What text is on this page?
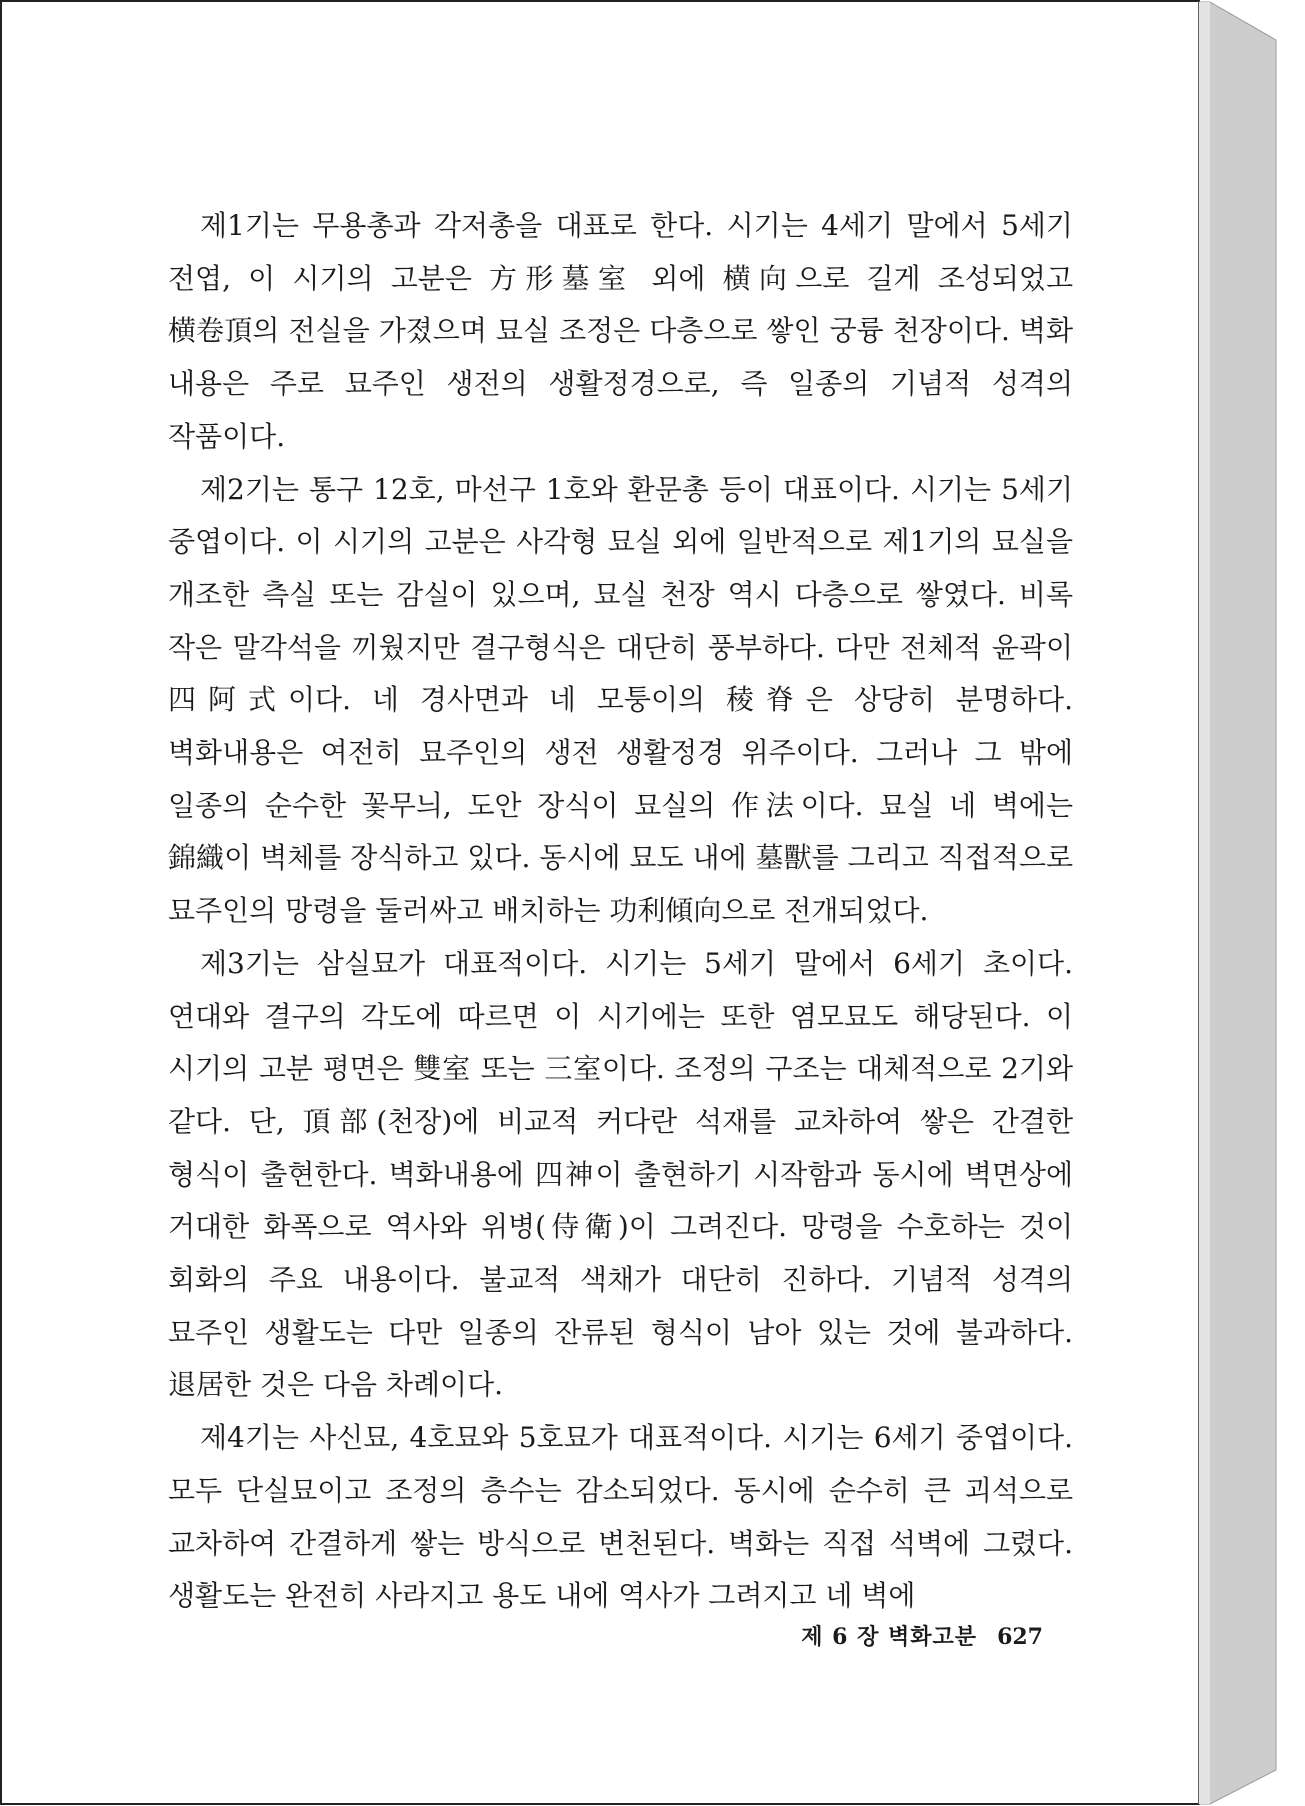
제1기는 무용총과 각저총을 대표로 한다. 시기는 4세기 말에서 5세기 전엽, 이 시기의 고분은 方形墓室 외에 横向으로 길게 조성되었고 横卷頂의 전실을 가졌으며 묘실 조정은 다층으로 쌓인 궁륭 천장이다. 벽화 내용은 주로 묘주인 생전의 생활정경으로, 즉 일종의 기념적 성격의 작품이다.

제2기는 통구 12호, 마선구 1호와 환문총 등이 대표이다. 시기는 5세기 중엽이다. 이 시기의 고분은 사각형 묘실 외에 일반적으로 제1기의 묘실을 개조한 측실 또는 감실이 있으며, 묘실 천장 역시 다층으로 쌓였다. 비록 작은 말각석을 끼웠지만 결구형식은 대단히 풍부하다. 다만 전체적 윤곽이 四阿式이다. 네 경사면과 네 모퉁이의 稜脊은 상당히 분명하다. 벽화내용은 여전히 묘주인의 생전 생활정경 위주이다. 그러나 그 밖에 일종의 순수한 꽃무늬, 도안 장식이 묘실의 作法이다. 묘실 네 벽에는 錦織이 벽체를 장식하고 있다. 동시에 묘도 내에 墓獸를 그리고 직접적으로 묘주인의 망령을 둘러싸고 배치하는 功利傾向으로 전개되었다.

제3기는 삼실묘가 대표적이다. 시기는 5세기 말에서 6세기 초이다. 연대와 결구의 각도에 따르면 이 시기에는 또한 염모묘도 해당된다. 이 시기의 고분 평면은 雙室 또는 三室이다. 조정의 구조는 대체적으로 2기와 같다. 단, 頂部(천장)에 비교적 커다란 석재를 교차하여 쌓은 간결한 형식이 출현한다. 벽화내용에 四神이 출현하기 시작함과 동시에 벽면상에 거대한 화폭으로 역사와 위병(侍衛)이 그려진다. 망령을 수호하는 것이 회화의 주요 내용이다. 불교적 색채가 대단히 진하다. 기념적 성격의 묘주인 생활도는 다만 일종의 잔류된 형식이 남아 있는 것에 불과하다. 退居한 것은 다음 차례이다.

제4기는 사신묘, 4호묘와 5호묘가 대표적이다. 시기는 6세기 중엽이다. 모두 단실묘이고 조정의 층수는 감소되었다. 동시에 순수히 큰 괴석으로 교차하여 간결하게 쌓는 방식으로 변천된다. 벽화는 직접 석벽에 그렸다. 생활도는 완전히 사라지고 용도 내에 역사가 그려지고 네 벽에

제 6 장 벽화고분 627
